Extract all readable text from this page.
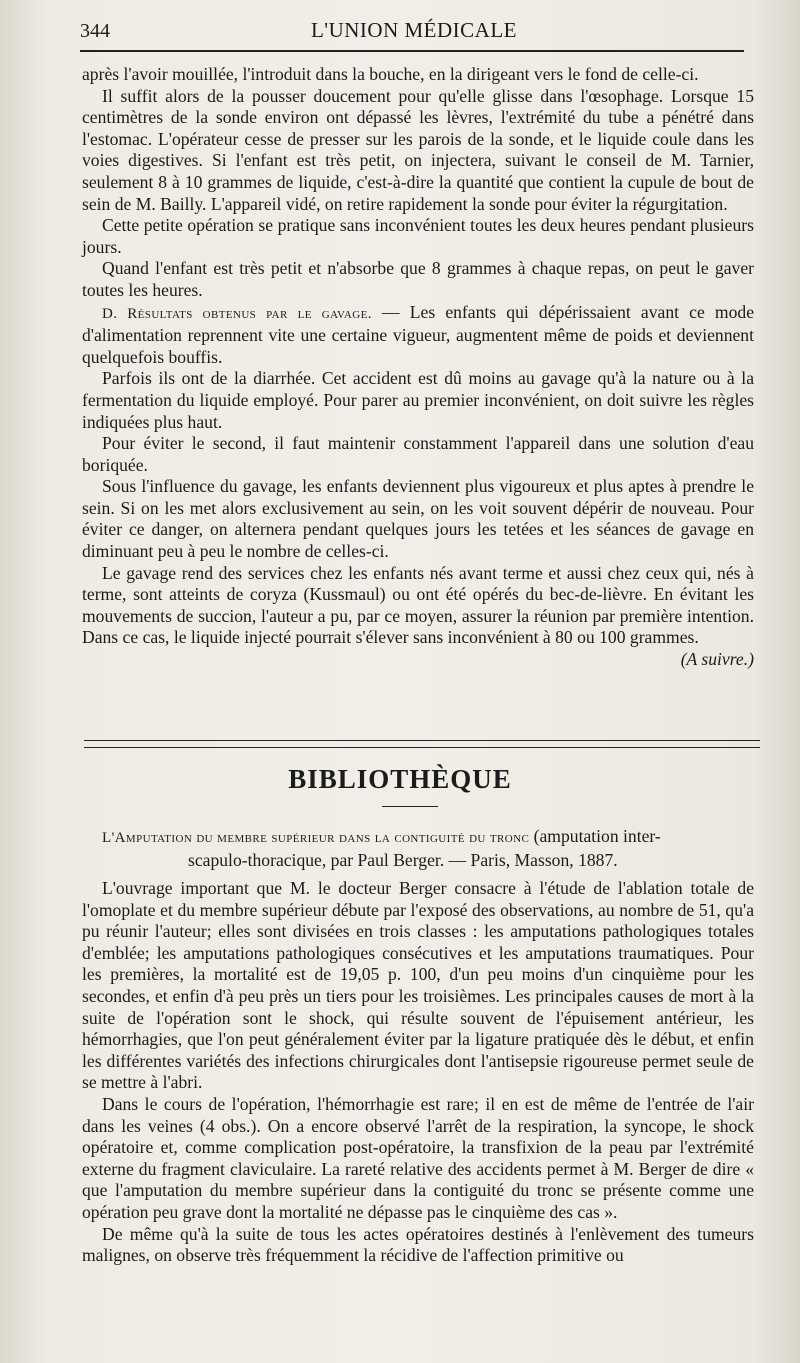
344	L'UNION MÉDICALE

après l'avoir mouillée, l'introduit dans la bouche, en la dirigeant vers le fond de celle-ci.

Il suffit alors de la pousser doucement pour qu'elle glisse dans l'œsophage. Lorsque 15 centimètres de la sonde environ ont dépassé les lèvres, l'extrémité du tube a pénétré dans l'estomac. L'opérateur cesse de presser sur les parois de la sonde, et le liquide coule dans les voies digestives. Si l'enfant est très petit, on injectera, suivant le conseil de M. Tarnier, seulement 8 à 10 grammes de liquide, c'est-à-dire la quantité que contient la cupule de bout de sein de M. Bailly. L'appareil vidé, on retire rapidement la sonde pour éviter la régurgitation.

Cette petite opération se pratique sans inconvénient toutes les deux heures pendant plusieurs jours.

Quand l'enfant est très petit et n'absorbe que 8 grammes à chaque repas, on peut le gaver toutes les heures.

D. Résultats obtenus par le gavage. — Les enfants qui dépérissaient avant ce mode d'alimentation reprennent vite une certaine vigueur, augmentent même de poids et deviennent quelquefois bouffis.

Parfois ils ont de la diarrhée. Cet accident est dû moins au gavage qu'à la nature ou à la fermentation du liquide employé. Pour parer au premier inconvénient, on doit suivre les règles indiquées plus haut.

Pour éviter le second, il faut maintenir constamment l'appareil dans une solution d'eau boriquée.

Sous l'influence du gavage, les enfants deviennent plus vigoureux et plus aptes à prendre le sein. Si on les met alors exclusivement au sein, on les voit souvent dépérir de nouveau. Pour éviter ce danger, on alternera pendant quelques jours les tetées et les séances de gavage en diminuant peu à peu le nombre de celles-ci.

Le gavage rend des services chez les enfants nés avant terme et aussi chez ceux qui, nés à terme, sont atteints de coryza (Kussmaul) ou ont été opérés du bec-de-lièvre. En évitant les mouvements de succion, l'auteur a pu, par ce moyen, assurer la réunion par première intention. Dans ce cas, le liquide injecté pourrait s'élever sans inconvénient à 80 ou 100 grammes.
(A suivre.)

BIBLIOTHÈQUE
L'Amputation du membre supérieur dans la contiguité du tronc (amputation inter-
scapulo-thoracique, par Paul Berger. — Paris, Masson, 1887.

L'ouvrage important que M. le docteur Berger consacre à l'étude de l'ablation totale de l'omoplate et du membre supérieur débute par l'exposé des observations, au nombre de 51, qu'a pu réunir l'auteur; elles sont divisées en trois classes : les amputations pathologiques totales d'emblée; les amputations pathologiques consécutives et les amputations traumatiques. Pour les premières, la mortalité est de 19,05 p. 100, d'un peu moins d'un cinquième pour les secondes, et enfin d'à peu près un tiers pour les troisièmes. Les principales causes de mort à la suite de l'opération sont le shock, qui résulte souvent de l'épuisement antérieur, les hémorrhagies, que l'on peut généralement éviter par la ligature pratiquée dès le début, et enfin les différentes variétés des infections chirurgicales dont l'antisepsie rigoureuse permet seule de se mettre à l'abri.

Dans le cours de l'opération, l'hémorrhagie est rare; il en est de même de l'entrée de l'air dans les veines (4 obs.). On a encore observé l'arrêt de la respiration, la syncope, le shock opératoire et, comme complication post-opératoire, la transfixion de la peau par l'extrémité externe du fragment claviculaire. La rareté relative des accidents permet à M. Berger de dire « que l'amputation du membre supérieur dans la contiguité du tronc se présente comme une opération peu grave dont la mortalité ne dépasse pas le cinquième des cas ».

De même qu'à la suite de tous les actes opératoires destinés à l'enlèvement des tumeurs malignes, on observe très fréquemment la récidive de l'affection primitive ou
